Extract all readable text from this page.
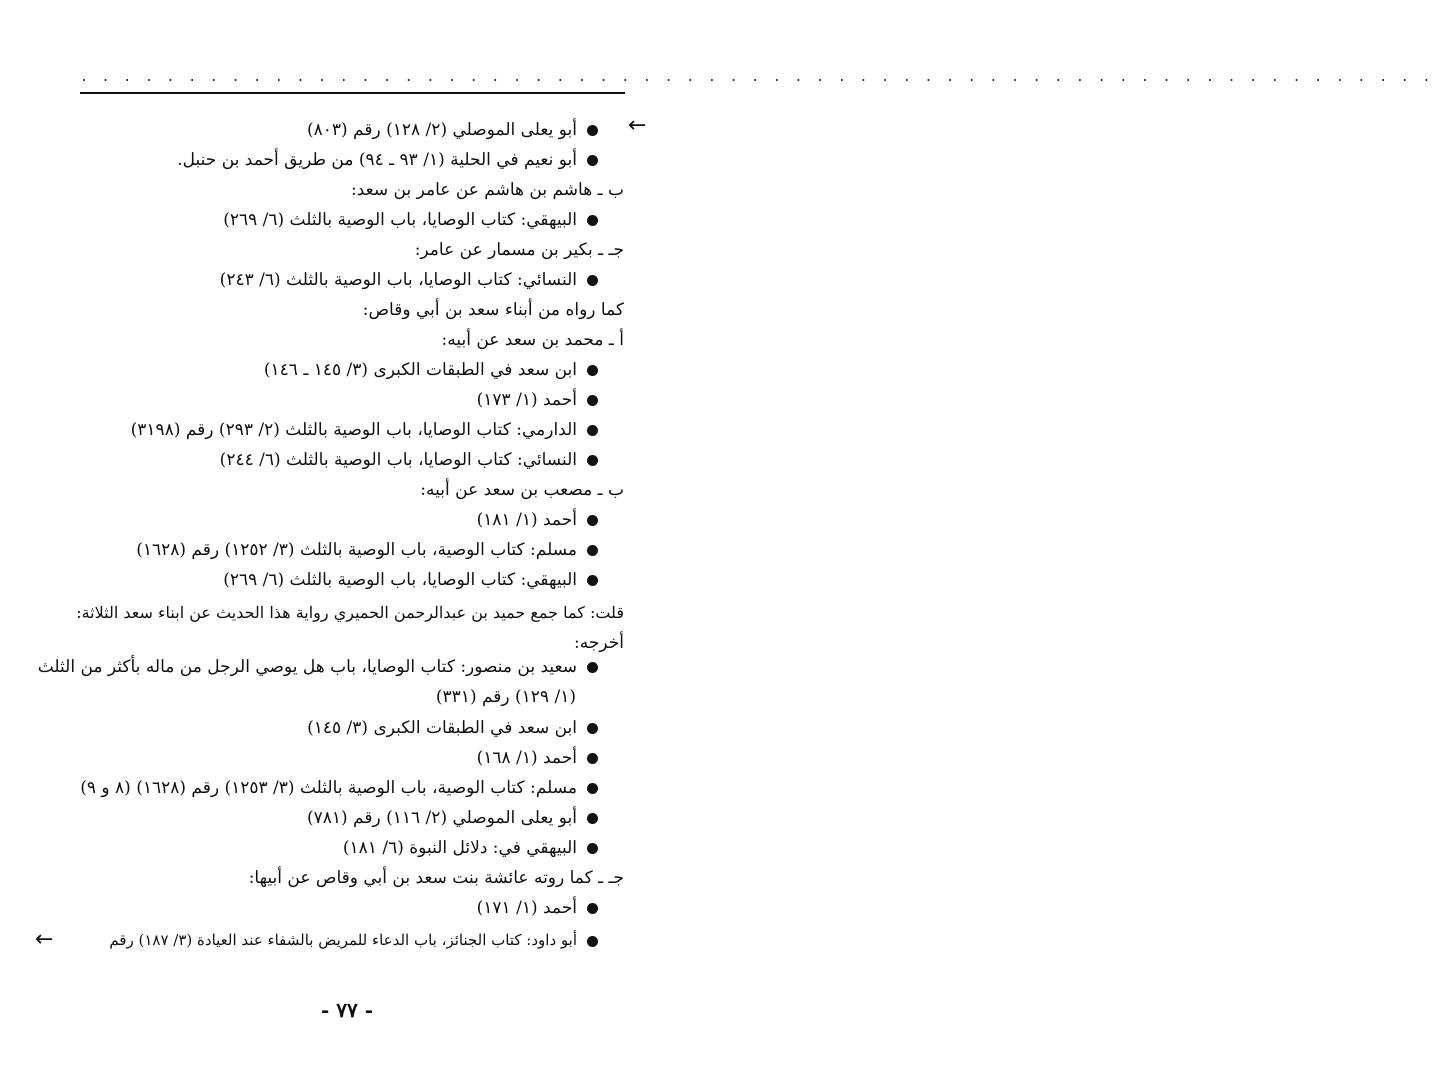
. . . . . . . . . . . . . . . . . . . . . . . . . . . . . . . . . . . . . . . . . . . . . . . . . . . . . . . . . . . . . . .
←
←
أبو يعلى الموصلي (٢/ ١٢٨) رقم (٨٠٣)
أبو نعيم في الحلية (١/ ٩٣ ـ ٩٤) من طريق أحمد بن حنبل.
ب ـ هاشم بن هاشم عن عامر بن سعد:
البيهقي: كتاب الوصايا، باب الوصية بالثلث (٦/ ٢٦٩)
جـ ـ بكير بن مسمار عن عامر:
النسائي: كتاب الوصايا، باب الوصية بالثلث (٦/ ٢٤٣)
كما رواه من أبناء سعد بن أبي وقاص:
أ ـ محمد بن سعد عن أبيه:
ابن سعد في الطبقات الكبرى (٣/ ١٤٥ ـ ١٤٦)
أحمد (١/ ١٧٣)
الدارمي: كتاب الوصايا، باب الوصية بالثلث (٢/ ٢٩٣) رقم (٣١٩٨)
النسائي: كتاب الوصايا، باب الوصية بالثلث (٦/ ٢٤٤)
ب ـ مصعب بن سعد عن أبيه:
أحمد (١/ ١٨١)
مسلم: كتاب الوصية، باب الوصية بالثلث (٣/ ١٢٥٢) رقم (١٦٢٨)
البيهقي: كتاب الوصايا، باب الوصية بالثلث (٦/ ٢٦٩)
قلت: كما جمع حميد بن عبدالرحمن الحميري رواية هذا الحديث عن ابناء سعد الثلاثة:
أخرجه:
سعيد بن منصور: كتاب الوصايا، باب هل يوصي الرجل من ماله بأكثر من الثلث
(١/ ١٢٩) رقم (٣٣١)
ابن سعد في الطبقات الكبرى (٣/ ١٤٥)
أحمد (١/ ١٦٨)
مسلم: كتاب الوصية، باب الوصية بالثلث (٣/ ١٢٥٣) رقم (١٦٢٨) (٨ و ٩)
أبو يعلى الموصلي (٢/ ١١٦) رقم (٧٨١)
البيهقي في: دلائل النبوة (٦/ ١٨١)
جـ ـ كما روته عائشة بنت سعد بن أبي وقاص عن أبيها:
أحمد (١/ ١٧١)
أبو داود: كتاب الجنائز، باب الدعاء للمريض بالشفاء عند العيادة (٣/ ١٨٧) رقم
- ٧٧ -
